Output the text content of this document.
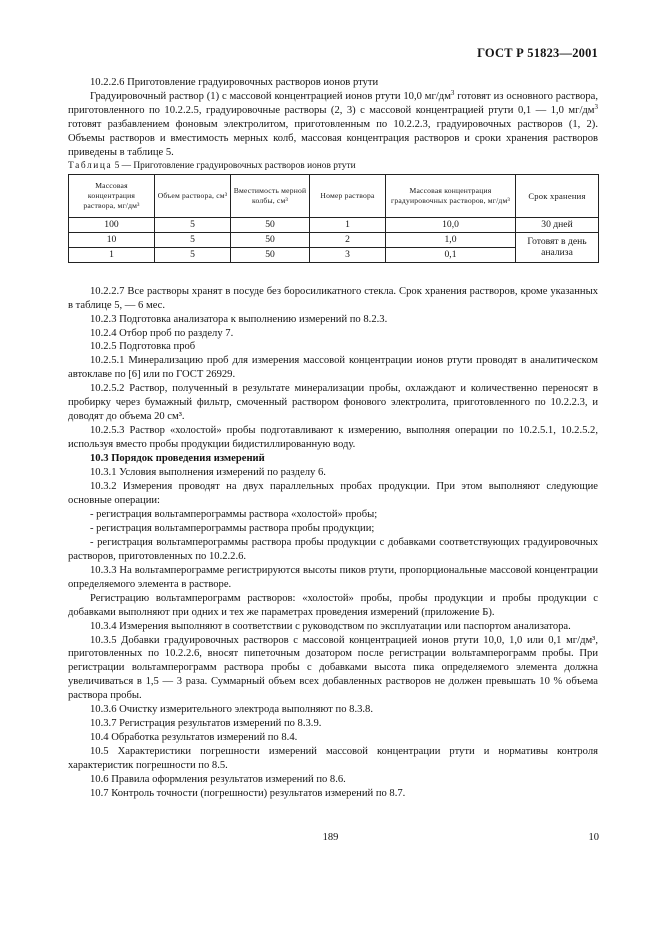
ГОСТ Р 51823—2001

10.2.2.6 Приготовление градуировочных растворов ионов ртути

Градуировочный раствор (1) с массовой концентрацией ионов ртути 10,0 $мг/дм^3$ готовят из основного раствора, приготовленного по 10.2.2.5, градуировочные растворы (2, 3) с массовой концентрацией ртути 0,1 — 1,0 $мг/дм^3$ готовят разбавлением фоновым электролитом, приготовленным по 10.2.2.3, градуировочных растворов (1, 2). Объемы растворов и вместимость мерных колб, массовая концентрация растворов и сроки хранения растворов приведены в таблице 5.

Таблица 5 — Приготовление градуировочных растворов ионов ртути

Массовая концентрация раствора, мг/дм³	Объем раствора, см³	Вместимость мерной колбы, см³	Номер раствора	Массовая концентрация градуировочных растворов, мг/дм³	Срок хранения
100	5	50	1	10,0	30 дней
10	5	50	2	1,0	Готовят в день анализа
1	5	50	3	0,1	

10.2.2.7 Все растворы хранят в посуде без боросиликатного стекла. Срок хранения растворов, кроме указанных в таблице 5, — 6 мес.

10.2.3 Подготовка анализатора к выполнению измерений по 8.2.3.

10.2.4 Отбор проб по разделу 7.

10.2.5 Подготовка проб

10.2.5.1 Минерализацию проб для измерения массовой концентрации ионов ртути проводят в аналитическом автоклаве по [6] или по ГОСТ 26929.

10.2.5.2 Раствор, полученный в результате минерализации пробы, охлаждают и количественно переносят в пробирку через бумажный фильтр, смоченный раствором фонового электролита, приготовленного по 10.2.2.3, и доводят до объема 20 см³.

10.2.5.3 Раствор «холостой» пробы подготавливают к измерению, выполняя операции по 10.2.5.1, 10.2.5.2, используя вместо пробы продукции бидистиллированную воду.

10.3 Порядок проведения измерений

10.3.1 Условия выполнения измерений по разделу 6.

10.3.2 Измерения проводят на двух параллельных пробах продукции. При этом выполняют следующие основные операции:

- регистрация вольтамперограммы раствора «холостой» пробы;

- регистрация вольтамперограммы раствора пробы продукции;

- регистрация вольтамперограммы раствора пробы продукции с добавками соответствующих градуировочных растворов, приготовленных по 10.2.2.6.

10.3.3 На вольтамперограмме регистрируются высоты пиков ртути, пропорциональные массовой концентрации определяемого элемента в растворе.

Регистрацию вольтамперограмм растворов: «холостой» пробы, пробы продукции и пробы продукции с добавками выполняют при одних и тех же параметрах проведения измерений (приложение Б).

10.3.4 Измерения выполняют в соответствии с руководством по эксплуатации или паспортом анализатора.

10.3.5 Добавки градуировочных растворов с массовой концентрацией ионов ртути 10,0, 1,0 или 0,1 мг/дм³, приготовленных по 10.2.2.6, вносят пипеточным дозатором после регистрации вольтамперограмм пробы. При регистрации вольтамперограмм раствора пробы с добавками высота пика определяемого элемента должна увеличиваться в 1,5 — 3 раза. Суммарный объем всех добавленных растворов не должен превышать 10 % объема раствора пробы.

10.3.6 Очистку измерительного электрода выполняют по 8.3.8.

10.3.7 Регистрация результатов измерений по 8.3.9.

10.4 Обработка результатов измерений по 8.4.

10.5 Характеристики погрешности измерений массовой концентрации ртути и нормативы контроля характеристик погрешности по 8.5.

10.6 Правила оформления результатов измерений по 8.6.

10.7 Контроль точности (погрешности) результатов измерений по 8.7.

189	10
